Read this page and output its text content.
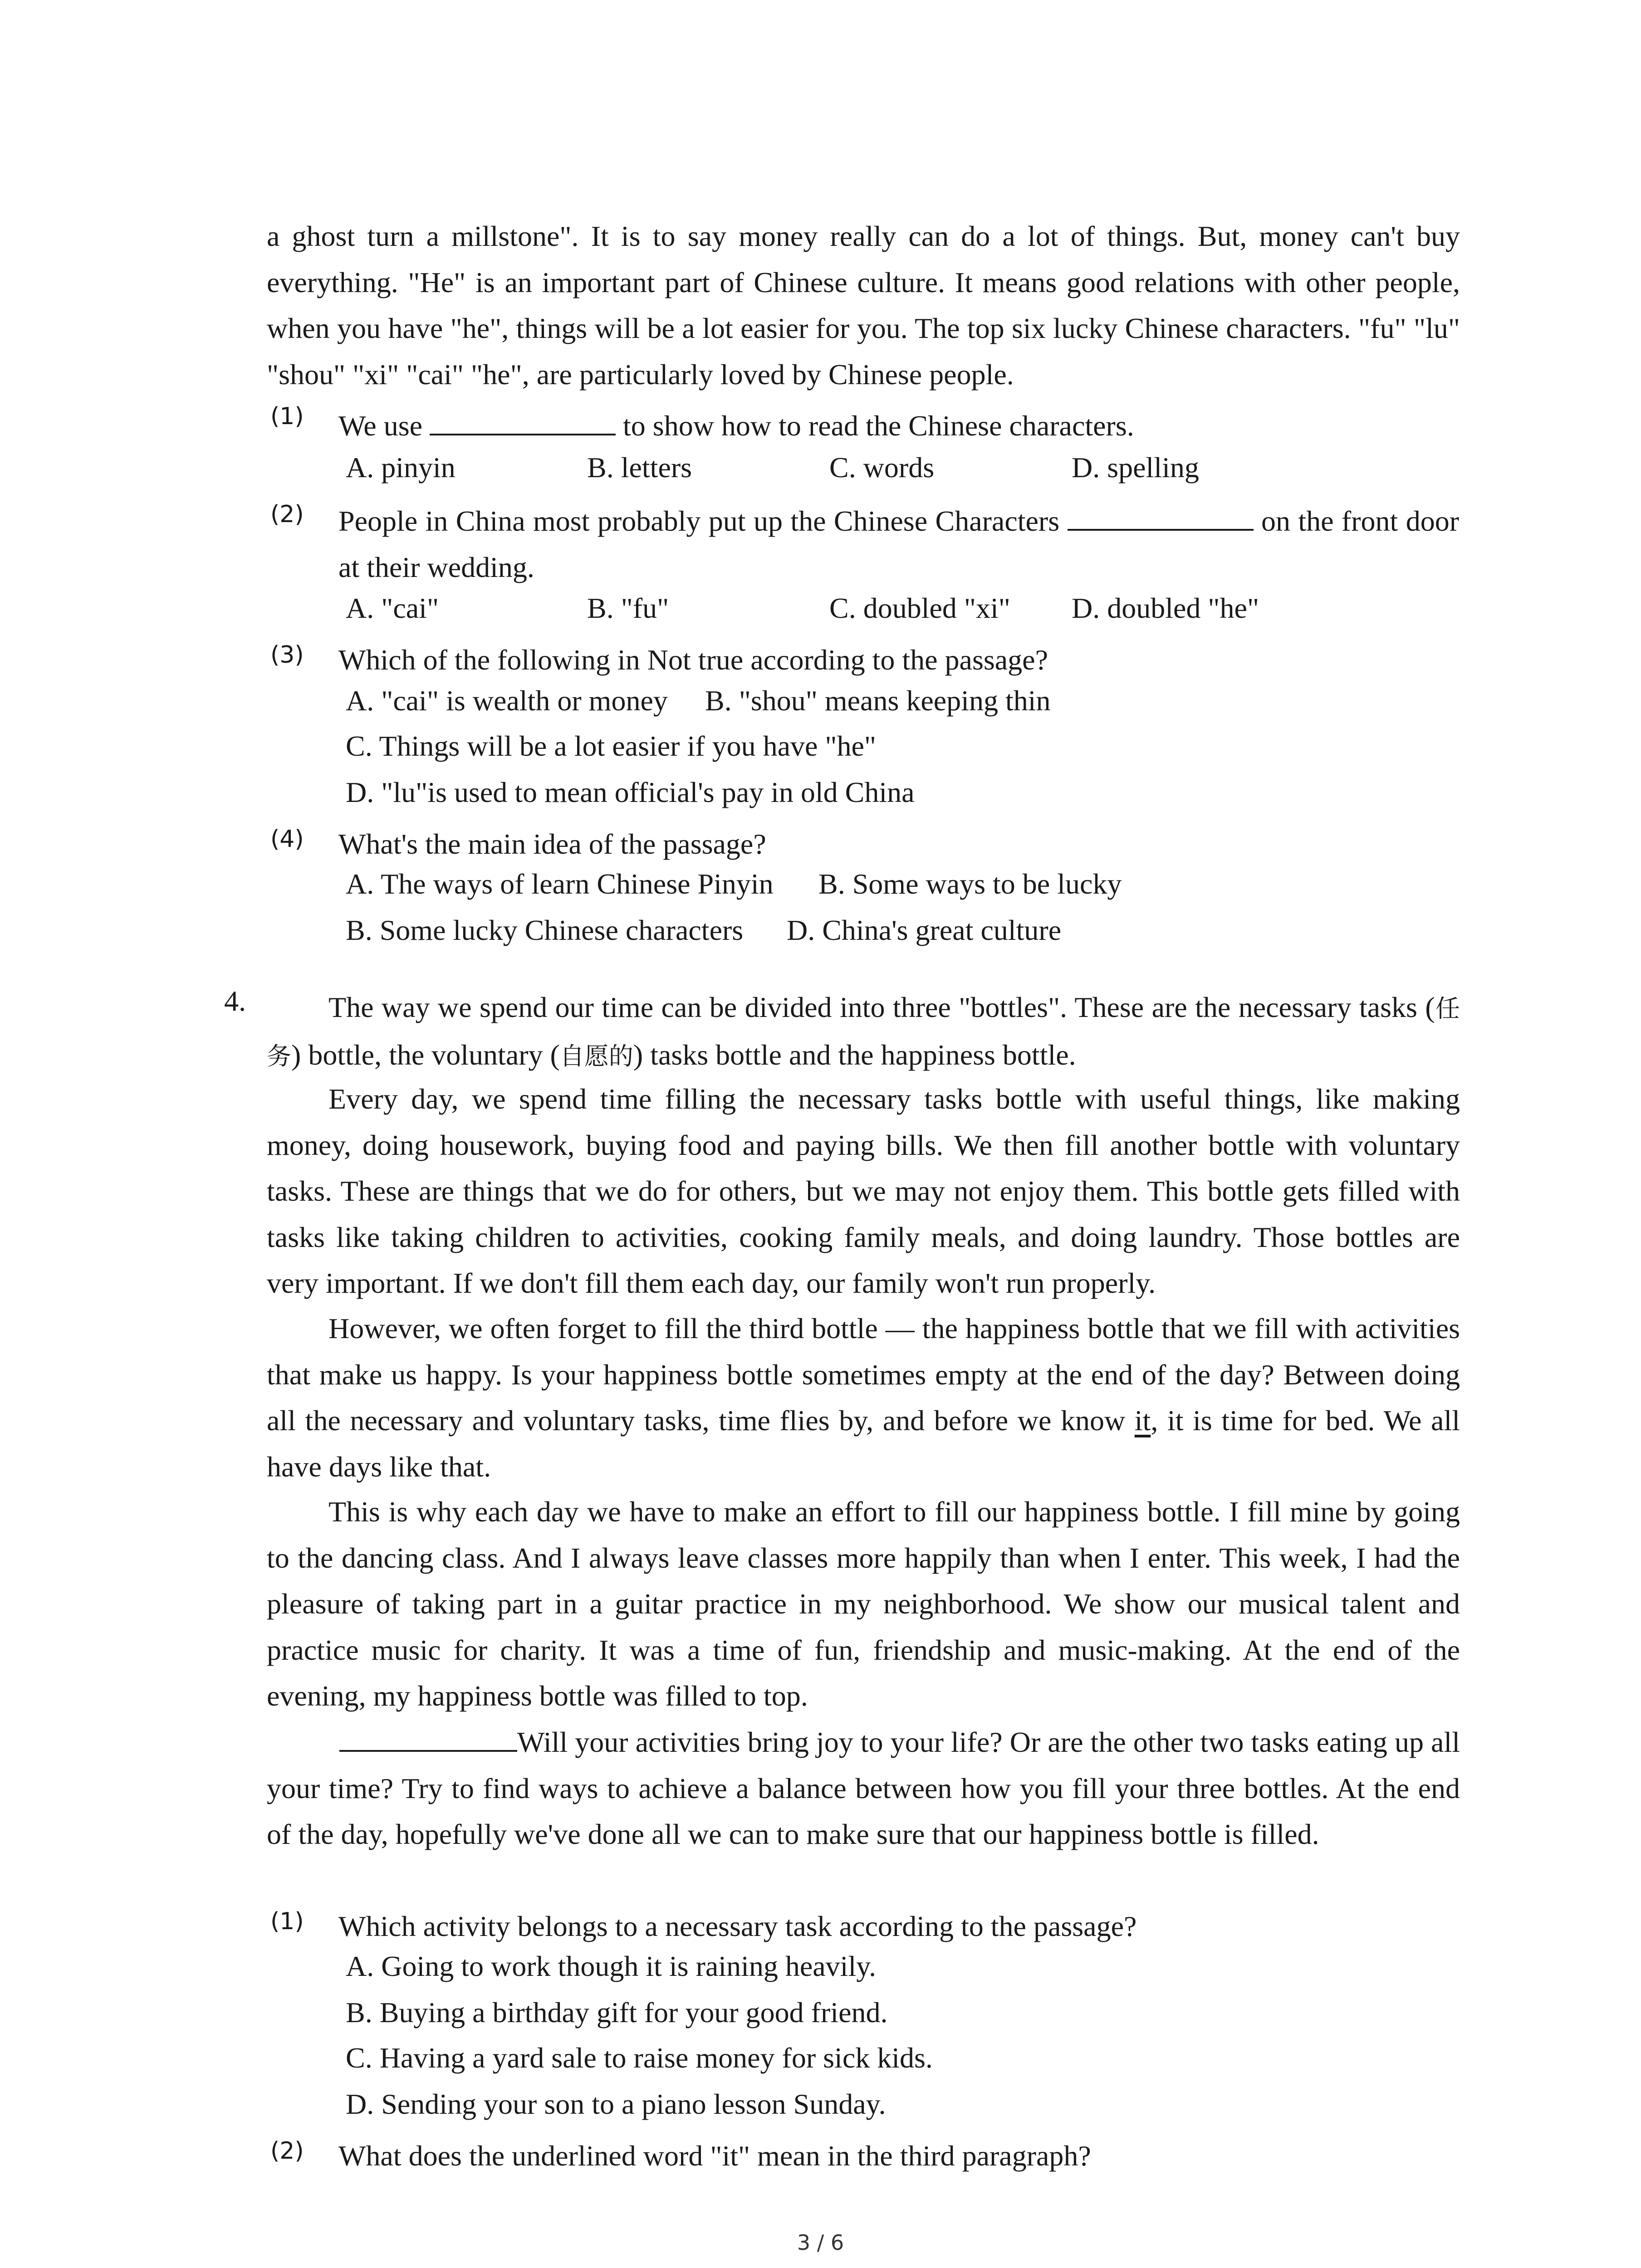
a ghost turn a millstone". It is to say money really can do a lot of things. But, money can't buy everything. "He" is an important part of Chinese culture. It means good relations with other people, when you have "he", things will be a lot easier for you. The top six lucky Chinese characters. "fu" "lu" "shou" "xi" "cai" "he", are particularly loved by Chinese people.

(1) We use	to show how to read the Chinese characters.
A. pinyin	B. letters	C. words	D. spelling
(2) People in China most probably put up the Chinese Characters	on the front door at their wedding.
A. "cai"	B. "fu"	C. doubled "xi" D. doubled "he"
(3) Which of the following in Not true according to the passage?
A. "cai" is wealth or money B. "shou" means keeping thin
C. Things will be a lot easier if you have "he"
D. "lu"is used to mean official's pay in old China
(4) What's the main idea of the passage?
A. The ways of learn Chinese Pinyin B. Some ways to be lucky
B. Some lucky Chinese characters D. China's great culture
4.	The way we spend our time can be divided into three "bottles". These are the necessary tasks (任务) bottle, the voluntary (自愿的) tasks bottle and the happiness bottle.

Every day, we spend time filling the necessary tasks bottle with useful things, like making money, doing housework, buying food and paying bills. We then fill another bottle with voluntary tasks. These are things that we do for others, but we may not enjoy them. This bottle gets filled with tasks like taking children to activities, cooking family meals, and doing laundry. Those bottles are very important. If we don't fill them each day, our family won't run properly.

However, we often forget to fill the third bottle — the happiness bottle that we fill with activities that make us happy. Is your happiness bottle sometimes empty at the end of the day? Between doing all the necessary and voluntary tasks, time flies by, and before we know it, it is time for bed. We all have days like that.

This is why each day we have to make an effort to fill our happiness bottle. I fill mine by going to the dancing class. And I always leave classes more happily than when I enter. This week, I had the pleasure of taking part in a guitar practice in my neighborhood. We show our musical talent and practice music for charity. It was a time of fun, friendship and music-making. At the end of the evening, my happiness bottle was filled to top.

Will your activities bring joy to your life? Or are the other two tasks eating up all your time? Try to find ways to achieve a balance between how you fill your three bottles. At the end of the day, hopefully we've done all we can to make sure that our happiness bottle is filled.

(1) Which activity belongs to a necessary task according to the passage?
A. Going to work though it is raining heavily.
B. Buying a birthday gift for your good friend.
C. Having a yard sale to raise money for sick kids.
D. Sending your son to a piano lesson Sunday.
(2) What does the underlined word "it" mean in the third paragraph?
3 / 6
